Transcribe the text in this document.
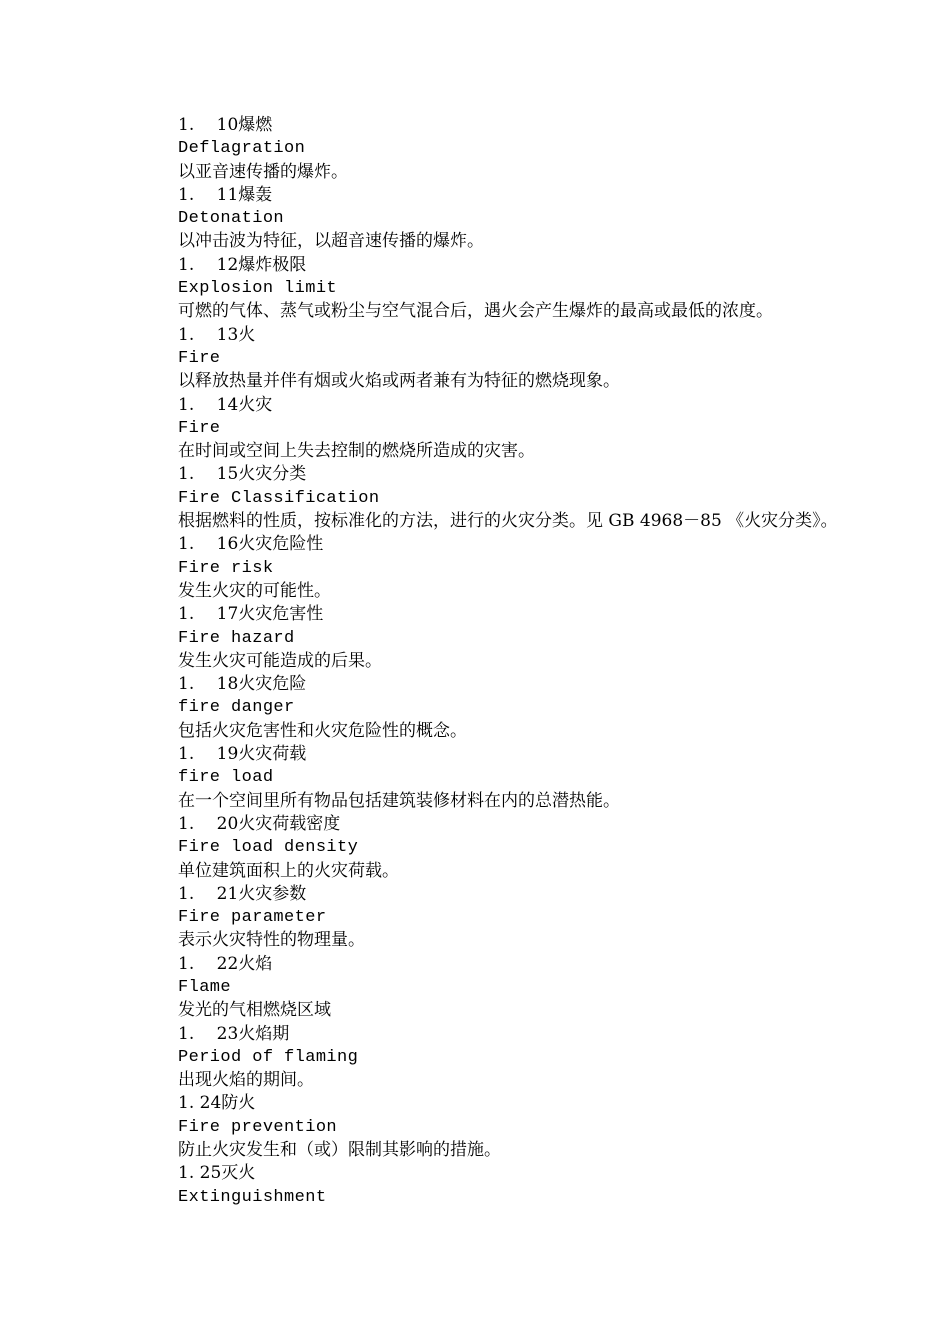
1.　 10爆燃
Deflagration
以亚音速传播的爆炸。
1.　 11爆轰
Detonation
以冲击波为特征，以超音速传播的爆炸。
1.　 12爆炸极限
Explosion limit
可燃的气体、蒸气或粉尘与空气混合后，遇火会产生爆炸的最高或最低的浓度。
1.　 13火
Fire
以释放热量并伴有烟或火焰或两者兼有为特征的燃烧现象。
1.　 14火灾
Fire
在时间或空间上失去控制的燃烧所造成的灾害。
1.　 15火灾分类
Fire Classification
根据燃料的性质，按标准化的方法，进行的火灾分类。见 GB 4968－85 《火灾分类》。
1.　 16火灾危险性
Fire risk
发生火灾的可能性。
1.　 17火灾危害性
Fire hazard
发生火灾可能造成的后果。
1.　 18火灾危险
fire danger
包括火灾危害性和火灾危险性的概念。
1.　 19火灾荷载
fire load
在一个空间里所有物品包括建筑装修材料在内的总潜热能。
1.　 20火灾荷载密度
Fire load density
单位建筑面积上的火灾荷载。
1.　 21火灾参数
Fire parameter
表示火灾特性的物理量。
1.　 22火焰
Flame
发光的气相燃烧区域
1.　 23火焰期
Period of flaming
出现火焰的期间。
1. 24防火
Fire prevention
防止火灾发生和（或）限制其影响的措施。
1. 25灭火
Extinguishment
